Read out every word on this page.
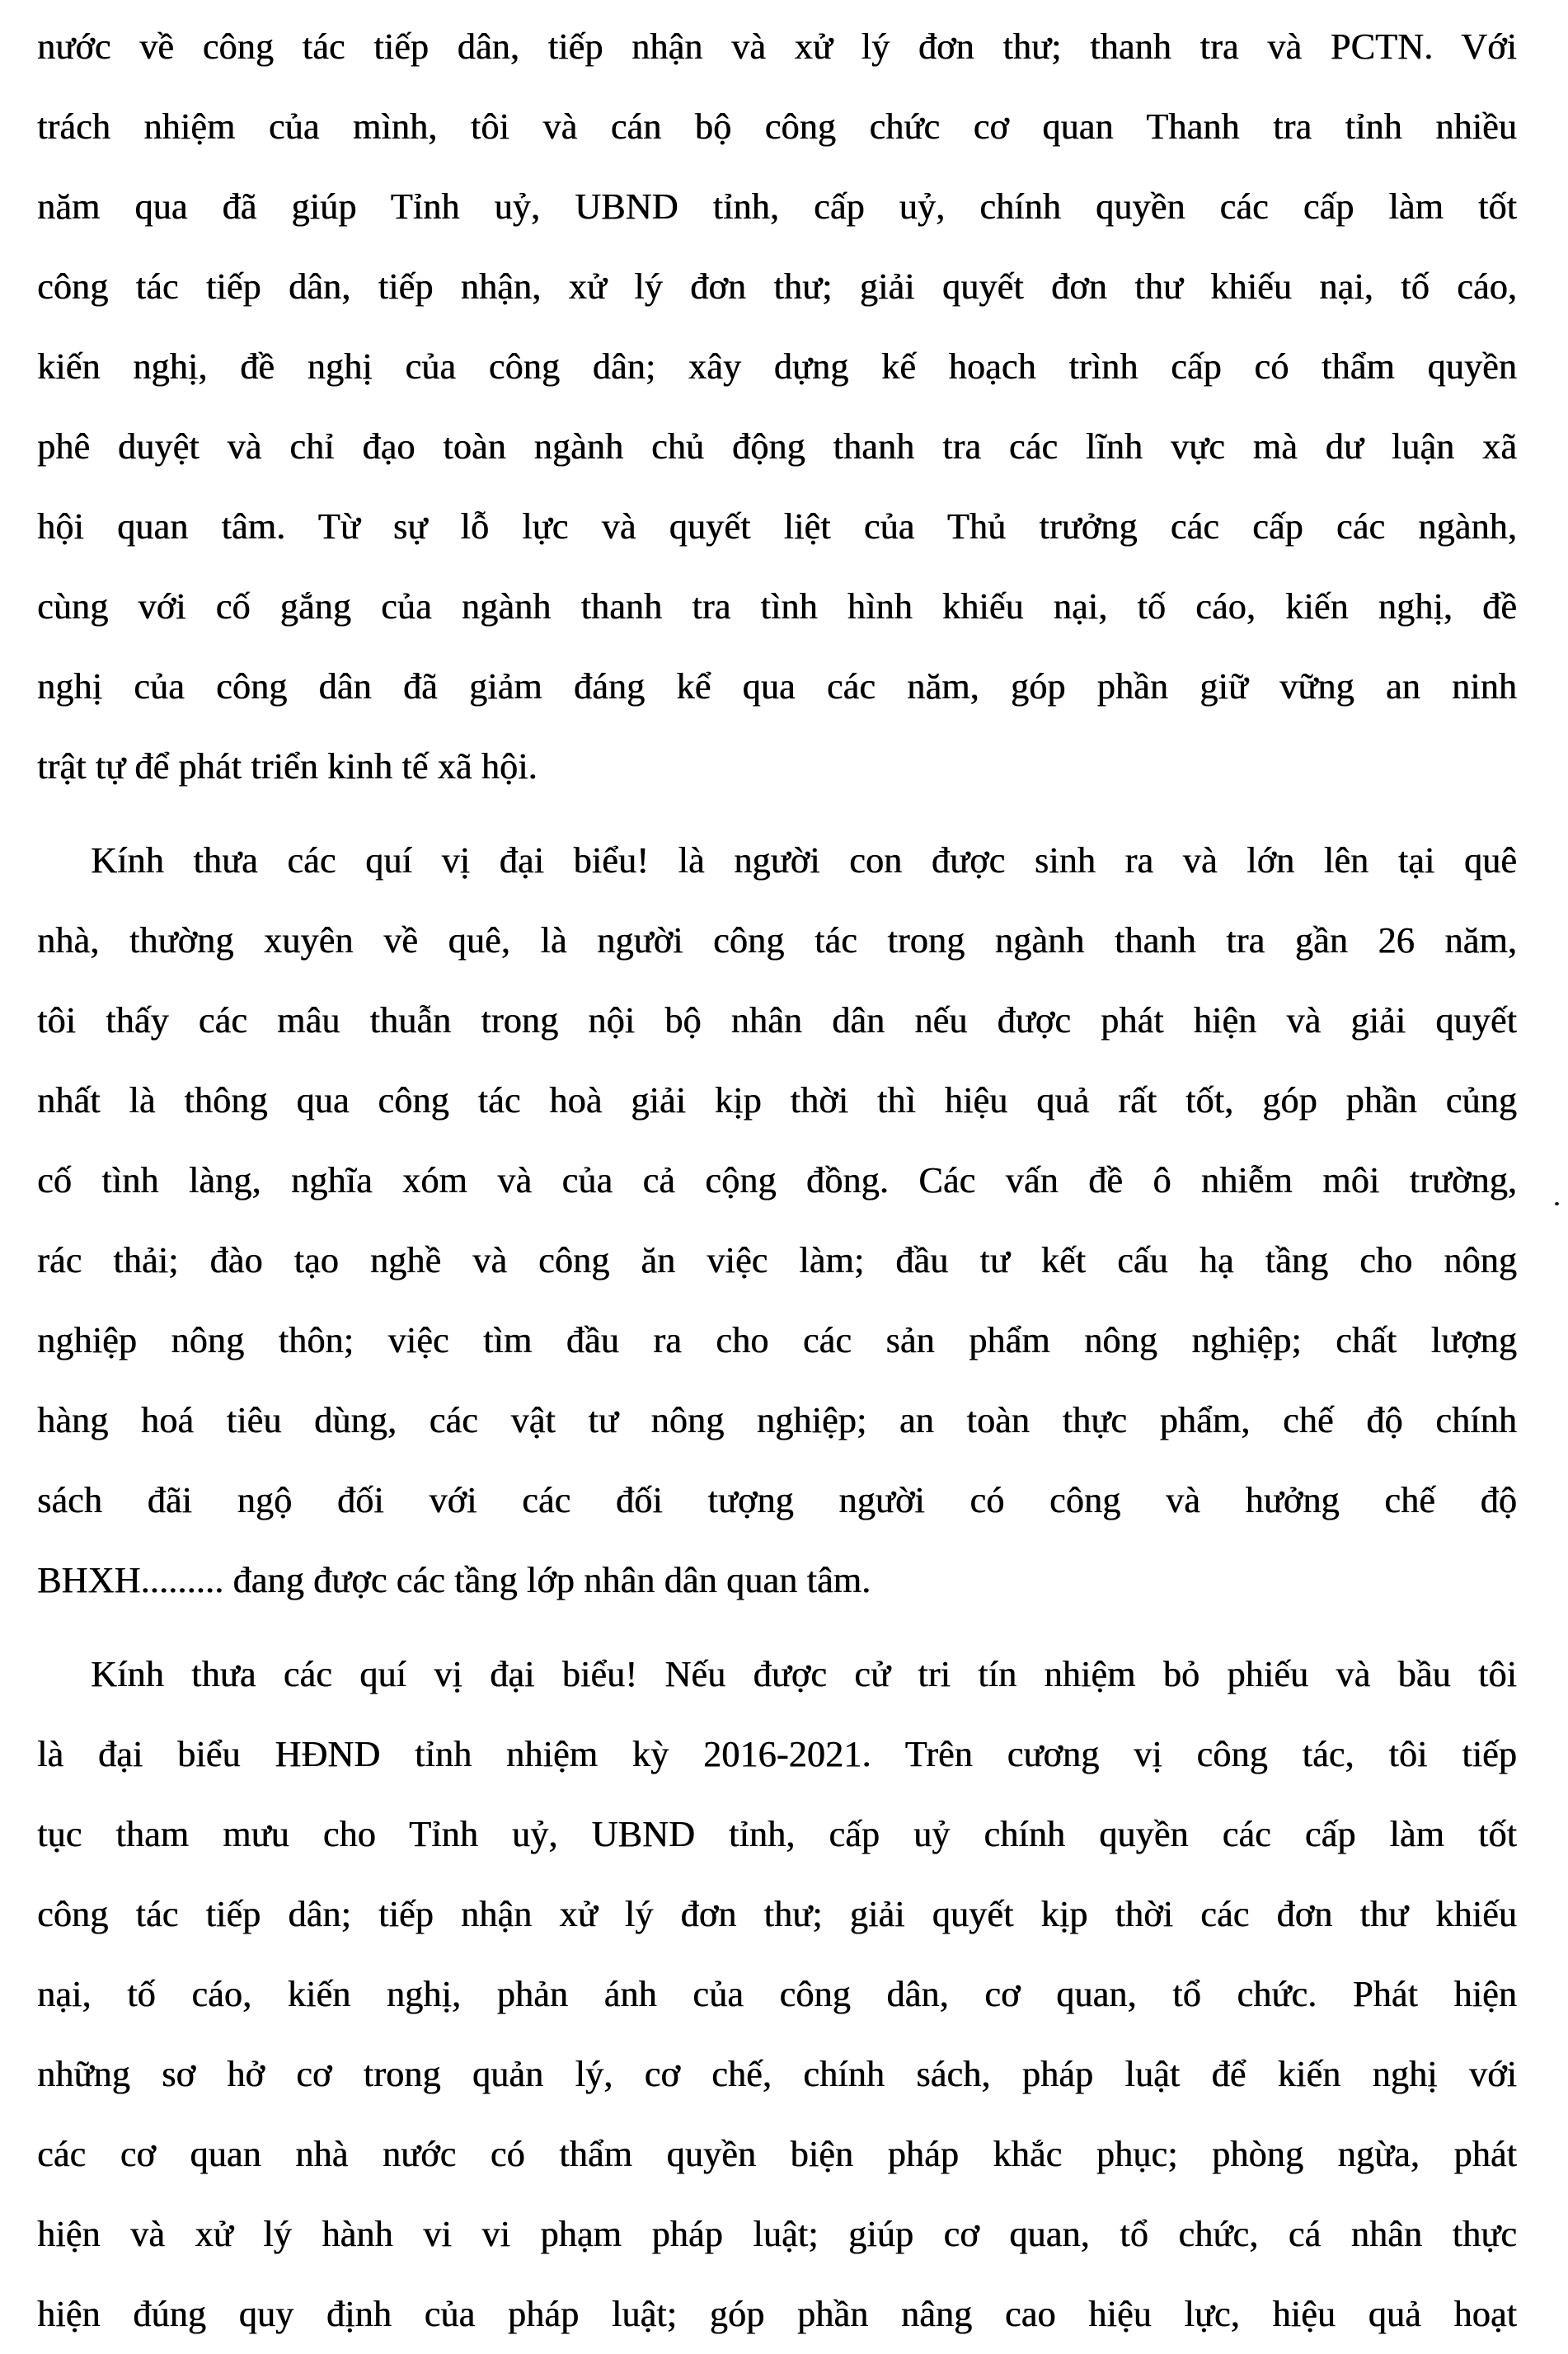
nước về công tác tiếp dân, tiếp nhận và xử lý đơn thư; thanh tra và PCTN. Với
trách nhiệm của mình, tôi và cán bộ công chức cơ quan Thanh tra tỉnh nhiều
năm qua đã giúp Tỉnh uỷ, UBND tỉnh, cấp uỷ, chính quyền các cấp làm tốt
công tác tiếp dân, tiếp nhận, xử lý đơn thư; giải quyết đơn thư khiếu nại, tố cáo,
kiến nghị, đề nghị của công dân; xây dựng kế hoạch trình cấp có thẩm quyền
phê duyệt và chỉ đạo toàn ngành chủ động thanh tra các lĩnh vực mà dư luận xã
hội quan tâm. Từ sự lỗ lực và quyết liệt của Thủ trưởng các cấp các ngành,
cùng với cố gắng của ngành thanh tra tình hình khiếu nại, tố cáo, kiến nghị, đề
nghị của công dân đã giảm đáng kể qua các năm, góp phần giữ vững an ninh
trật tự để phát triển kinh tế xã hội.
Kính thưa các quí vị đại biểu! là người con được sinh ra và lớn lên tại quê
nhà, thường xuyên về quê, là người công tác trong ngành thanh tra gần 26 năm,
tôi thấy các mâu thuẫn trong nội bộ nhân dân nếu được phát hiện và giải quyết
nhất là thông qua công tác hoà giải kịp thời thì hiệu quả rất tốt, góp phần củng
cố tình làng, nghĩa xóm và của cả cộng đồng. Các vấn đề ô nhiễm môi trường,
rác thải; đào tạo nghề và công ăn việc làm; đầu tư kết cấu hạ tầng cho nông
nghiệp nông thôn; việc tìm đầu ra cho các sản phẩm nông nghiệp; chất lượng
hàng hoá tiêu dùng, các vật tư nông nghiệp; an toàn thực phẩm, chế độ chính
sách đãi ngộ đối với các đối tượng người có công và hưởng chế độ
BHXH......... đang được các tầng lớp nhân dân quan tâm.
Kính thưa các quí vị đại biểu! Nếu được cử tri tín nhiệm bỏ phiếu và bầu tôi
là đại biểu HĐND tỉnh nhiệm kỳ 2016-2021. Trên cương vị công tác, tôi tiếp
tục tham mưu cho Tỉnh uỷ, UBND tỉnh, cấp uỷ chính quyền các cấp làm tốt
công tác tiếp dân; tiếp nhận xử lý đơn thư; giải quyết kịp thời các đơn thư khiếu
nại, tố cáo, kiến nghị, phản ánh của công dân, cơ quan, tổ chức. Phát hiện
những sơ hở cơ trong quản lý, cơ chế, chính sách, pháp luật để kiến nghị với
các cơ quan nhà nước có thẩm quyền biện pháp khắc phục; phòng ngừa, phát
hiện và xử lý hành vi vi phạm pháp luật; giúp cơ quan, tổ chức, cá nhân thực
hiện đúng quy định của pháp luật; góp phần nâng cao hiệu lực, hiệu quả hoạt
